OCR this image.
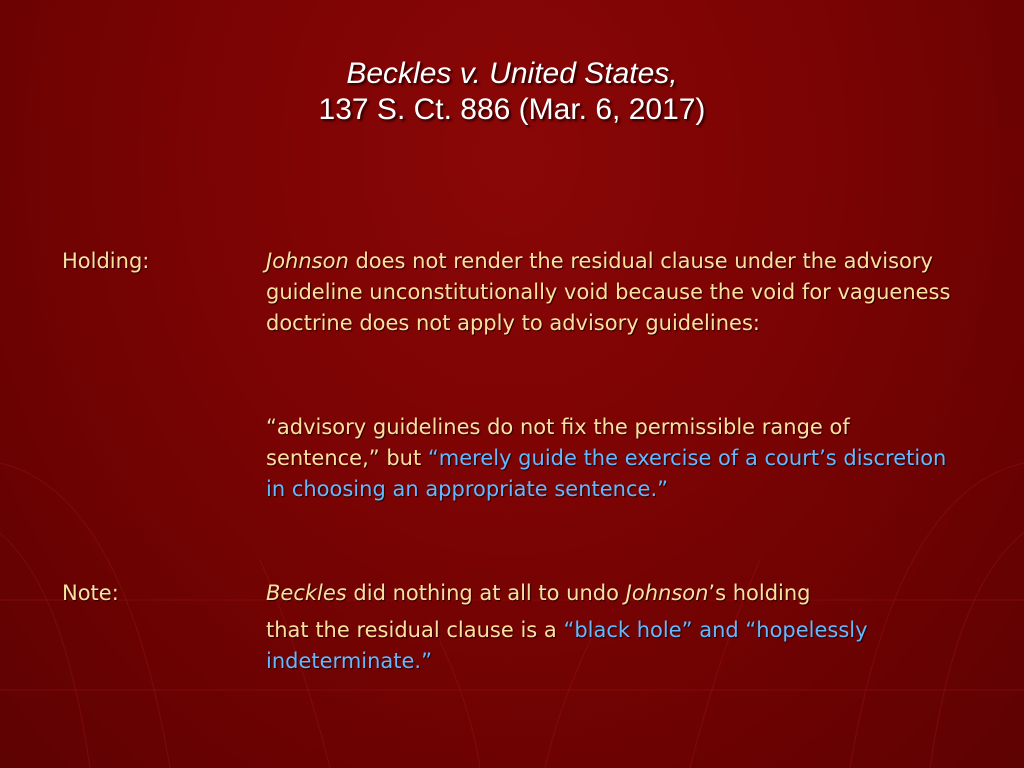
Beckles v. United States,
137 S. Ct. 886 (Mar. 6, 2017)
Holding:	Johnson does not render the residual clause under the advisory guideline unconstitutionally void because the void for vagueness doctrine does not apply to advisory guidelines:
“advisory guidelines do not fix the permissible range of sentence,” but “merely guide the exercise of a court’s discretion in choosing an appropriate sentence.”
Note:	Beckles did nothing at all to undo Johnson’s holding
that the residual clause is a “black hole” and “hopelessly indeterminate.”
